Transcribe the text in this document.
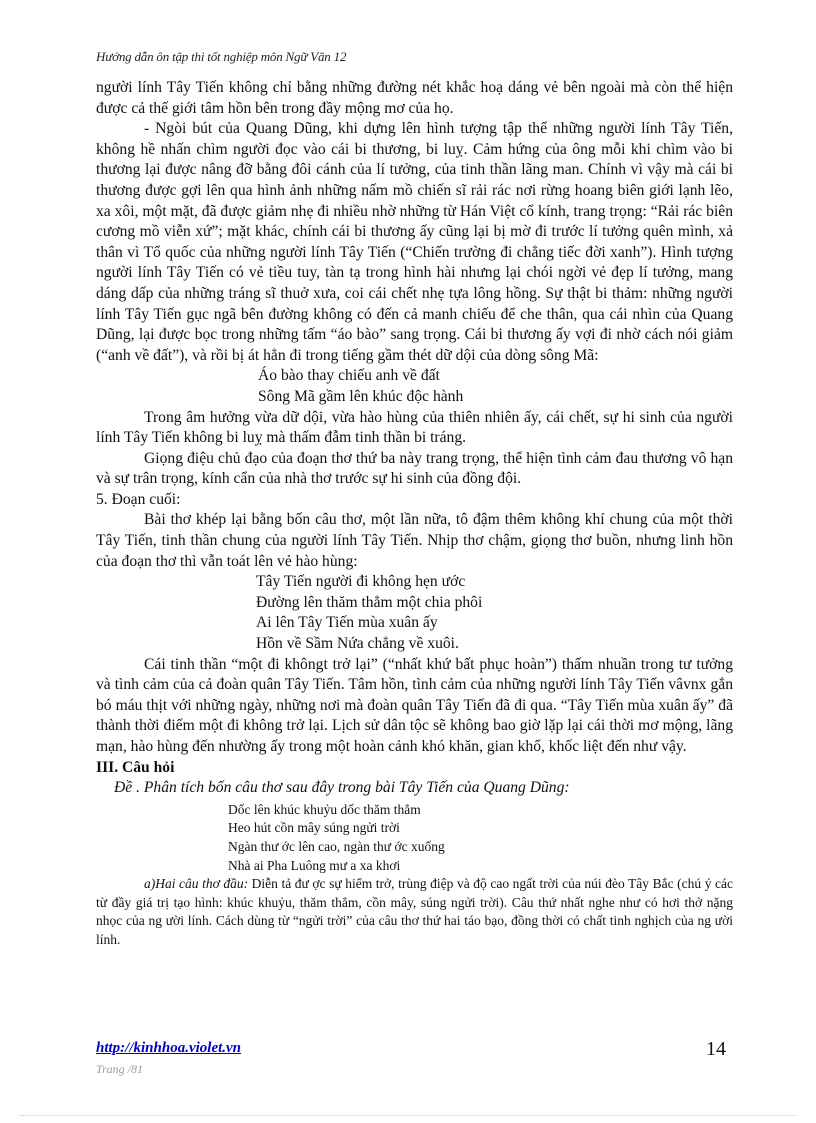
Hướng dẫn ôn tập thi tốt nghiệp môn Ngữ Văn 12

người lính Tây Tiến không chỉ bằng những đường nét khắc hoạ dáng vẻ bên ngoài mà còn thể hiện được cả thế giới tâm hồn bên trong đầy mộng mơ của họ.

- Ngòi bút của Quang Dũng, khi dựng lên hình tượng tập thể những người lính Tây Tiến, không hề nhấn chìm người đọc vào cái bi thương, bi luỵ. Cảm hứng của ông mỗi khi chìm vào bi thương lại được nâng đỡ bằng đôi cánh của lí tưởng, của tinh thần lãng man. Chính vì vậy mà cái bi thương được gợi lên qua hình ảnh những nấm mồ chiến sĩ rải rác nơi rừng hoang biên giới lạnh lẽo, xa xôi, một mặt, đã được giảm nhẹ đi nhiều nhờ những từ Hán Việt cổ kính, trang trọng: “Rải rác biên cương mồ viễn xứ”; mặt khác, chính cái bi thương ấy cũng lại bị mờ đi trước lí tưởng quên mình, xả thân vì Tổ quốc của những người lính Tây Tiến (“Chiến trường đi chẳng tiếc đời xanh”). Hình tượng người lính Tây Tiến có vẻ tiều tuy, tàn tạ trong hình hài nhưng lại chói ngời vẻ đẹp lí tưởng, mang dáng dấp của những tráng sĩ thuở xưa, coi cái chết nhẹ tựa lông hồng. Sự thật bi thảm: những người lính Tây Tiến gục ngã bên đường không có đến cả manh chiếu để che thân, qua cái nhìn của Quang Dũng, lại được bọc trong những tấm “áo bào” sang trọng. Cái bi thương ấy vợi đi nhờ cách nói giảm (“anh về đất”), và rồi bị át hẳn đi trong tiếng gầm thét dữ dội của dòng sông Mã:

Áo bào thay chiếu anh về đất

Sông Mã gầm lên khúc độc hành

Trong âm hưởng vừa dữ dội, vừa hào hùng của thiên nhiên ấy, cái chết, sự hi sinh của người lính Tây Tiến không bi luỵ mà thấm đẫm tinh thần bi tráng.

Giọng điệu chủ đạo của đoạn thơ thứ ba này trang trọng, thể hiện tình cảm đau thương vô hạn và sự trân trọng, kính cẩn của nhà thơ trước sự hi sinh của đồng đội.

5. Đoạn cuối:

Bài thơ khép lại bằng bốn câu thơ, một lần nữa, tô đậm thêm không khí chung của một thời Tây Tiến, tinh thần chung của người lính Tây Tiến. Nhịp thơ chậm, giọng thơ buồn, nhưng linh hồn của đoạn thơ thì vẫn toát lên vẻ hào hùng:

Tây Tiến người đi không hẹn ước

Đường lên thăm thẳm một chia phôi

Ai lên Tây Tiến mùa xuân ấy

Hồn về Sầm Nứa chẳng về xuôi.

Cái tinh thần “một đi khôngt trở lại” (“nhất khứ bất phục hoàn”) thấm nhuần trong tư tưởng và tình cảm của cả đoàn quân Tây Tiến. Tâm hồn, tình cảm của những người lính Tây Tiến vâvnx gắn bó máu thịt với những ngày, những nơi mà đoàn quân Tây Tiến đã đi qua. “Tây Tiến mùa xuân ấy” đã thành thời điểm một đi không trở lại. Lịch sử dân tộc sẽ không bao giờ lặp lại cái thời mơ mộng, lãng mạn, hào hùng đến nhường ấy trong một hoàn cảnh khó khăn, gian khổ, khốc liệt đến như vậy.

III. Câu hỏi

Đề . Phân tích bốn câu thơ sau đây trong bài Tây Tiến của Quang Dũng:

Dốc lên khúc khuỷu dốc thăm thẳm

Heo hút cồn mây súng ngửi trời

Ngàn thư ớc lên cao, ngàn thư ớc xuống

Nhà ai Pha Luông mư a xa khơi

a)Hai câu thơ đầu: Diễn tả đư ợc sự hiểm trở, trùng điệp và độ cao ngất trời của núi đèo Tây Bắc (chú ý các từ đầy giá trị tạo hình: khúc khuỷu, thăm thẳm, cồn mây, súng ngửi trời). Câu thứ nhất nghe như có hơi thở nặng nhọc của ng ười lính. Cách dùng từ “ngửi trời” của câu thơ thứ hai táo bạo, đồng thời có chất tinh nghịch của ng ười lính.

http://kinhhoa.violet.vn
Trang /81
14
